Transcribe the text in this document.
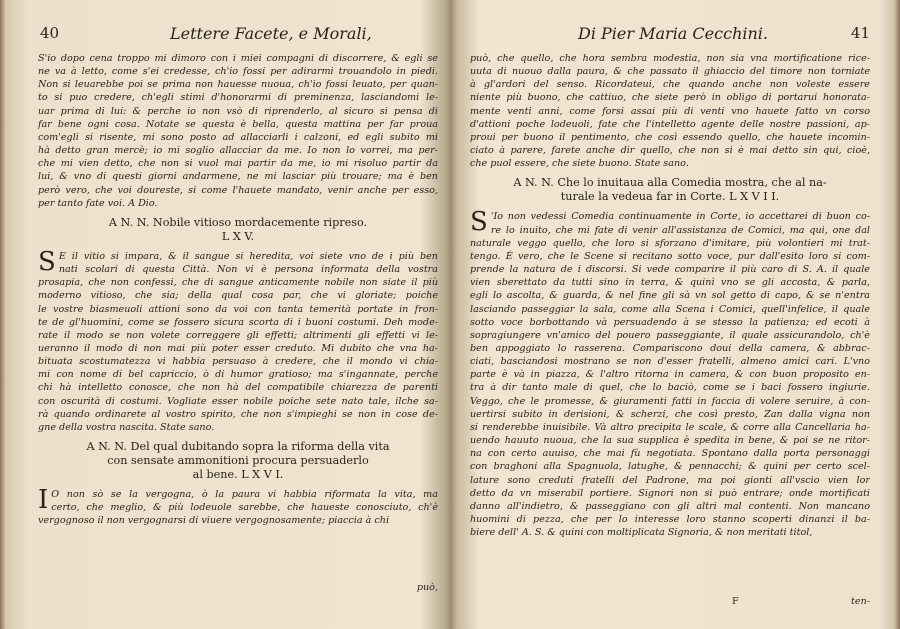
40	Lettere Facete, e Morali,
S'io dopo cena troppo mi dimoro con i miei compagni di discorrere, & egli se
ne va à letto, come s'ei credesse, ch'io fossi per adirarmi trouandolo in piedi.
Non si leuarebbe poi se prima non hauesse nuoua, ch'io fossi leuato, per quan-
to si puo credere, ch'egli stimi d'honorarmi di preminenza, lasciandomi le-
uar prima di lui: & perche io non vsò di riprenderlo, al sicuro si pensa di
far bene ogni cosa. Notate se questa è bella, questa mattina per far proua
com'egli si risente, mi sono posto ad allacciarli i calzoni, ed egli subito mi
hà detto gran mercè; io mi soglio allacciar da me. Io non lo vorrei, ma per-
che mi vien detto, che non si vuol mai partir da me, io mi risoluo partir da
lui, & vno di questi giorni andarmene, ne mi lasciar più trouare; ma è ben
però vero, che voi doureste, si come l'hauete mandato, venir anche per esso,
per tanto fate voi. A Dio.
A N. N. Nobile vitioso mordacemente ripreso.
L X V.
S E il vitio si impara, & il sangue si heredita, voi siete vno de i più ben
nati scolari di questa Città. Non vi è persona informata della vostra
prosapia, che non confessi, che di sangue anticamente nobile non siate il più
moderno vitioso, che sia; della qual cosa par, che vi gloriate; poiche
le vostre biasmeuoli attioni sono da voi con tanta temerità portate in fron-
te de gl'huomini, come se fossero sicura scorta di i buoni costumi. Deh mode-
rate il modo se non volete correggere gli effetti; altrimenti gli effetti vi le-
ueranno il modo di non mai più poter esser creduto. Mi dubito che vna ha-
bituata scostumatezza vi habbia persuaso à credere, che il mondo vi chia-
mi con nome di bel capriccio, ò di humor gratioso; ma s'ingannate, perche
chi hà intelletto conosce, che non hà del compatibile chiarezza de parenti
con oscurità di costumi. Vogliate esser nobile poiche sete nato tale, ilche sa-
rà quando ordinarete al vostro spirito, che non s'impieghi se non in cose de-
gne della vostra nascita. State sano.
A N. N. Del qual dubitando sopra la riforma della vita
con sensate ammonitioni procura persuaderlo
al bene. L X V I.
I O non sò se la vergogna, ò la paura vi habbia riformata la vita, ma
certo, che meglio, & più lodeuole sarebbe, che haueste conosciuto, ch'è
vergognoso il non vergognarsi di viuere vergognosamente; piaccia à chi
può,
Di Pier Maria Cecchini.	41
può, che quello, che hora sembra modestia, non sia vna mortificatione rice-
uuta di nuouo dalla paura, & che passato il ghiaccio del timore non torniate
à gl'ardori del senso. Ricordateui, che quando anche non voleste essere
niente più buono, che cattiuo, che siete però in obligo di portarui honorata-
mente venti anni, come forsi assai più di venti vno hauete fatto vn corso
d'attioni poche lodeuoli, fate che l'intelletto agente delle nostre passioni, ap-
proui per buono il pentimento, che così essendo quello, che hauete incomin-
ciato à parere, farete anche dir quello, che non si è mai detto sin qui, cioè,
che puol essere, che siete buono. State sano.
A N. N. Che lo inuitaua alla Comedia mostra, che al na-
turale la vedeua far in Corte. L X V I I.
S 'Io non vedessi Comedia continuamente in Corte, io accettarei di buon co-
re lo inuito, che mi fate di venir all'assistanza de Comici, ma qui, one dal
naturale veggo quello, che loro si sforzano d'imitare, più volontieri mi trat-
tengo. È vero, che le Scene si recitano sotto voce, pur dall'esito loro si com-
prende la natura de i discorsi. Si vede comparire il più caro di S. A. il quale
vien sberettato da tutti sino in terra, & quinì vno se gli accosta, & parla,
egli lo ascolta, & guarda, & nel fine gli sà vn sol getto di capo, & se n'entra
lasciando passeggiar la sala, come alla Scena i Comici, quell'infelice, il quale
sotto voce borbottando và persuadendo à se stesso la patienza; ed ecoti à
sopragiungere vn'amico del pouero passeggiante, il quale assicurandolo, ch'è
ben appoggiato lo rasserena. Compariscono doui della camera, & abbrac-
ciati, basciandosi mostrano se non d'esser fratelli, almeno amici cari. L'vno
parte è và in piazza, & l'altro ritorna in camera, & con buon proposito en-
tra à dir tanto male di quel, che lo baciò, come se i baci fossero ingiurie.
Veggo, che le promesse, & giuramenti fatti in faccia di volere seruire, à con-
uertirsi subito in derisioni, & scherzi, che così presto, Zan dalla vigna non
si renderebbe inuisibile. Và altro precipita le scale, & corre alla Cancellaria ha-
uendo hauuto nuoua, che la sua supplica è spedita in bene, & poi se ne ritor-
na con certo auuiso, che mai fù negotiata. Spontano dalla porta personaggi
con braghoni alla Spagnuola, latughe, & pennacchi; & quini per certo scel-
lature sono creduti fratelli del Padrone, ma poi gionti all'vscio vien lor
detto da vn miserabil portiere. Signori non si può entrare; onde mortificati
danno all'indietro, & passeggiano con gli altri mal contenti. Non mancano
huomini di pezza, che per lo interesse loro stanno scoperti dinanzi il ba-
biere dell' A. S. & quini con moltiplicata Signoria, & non meritati titol,
F	ten-
